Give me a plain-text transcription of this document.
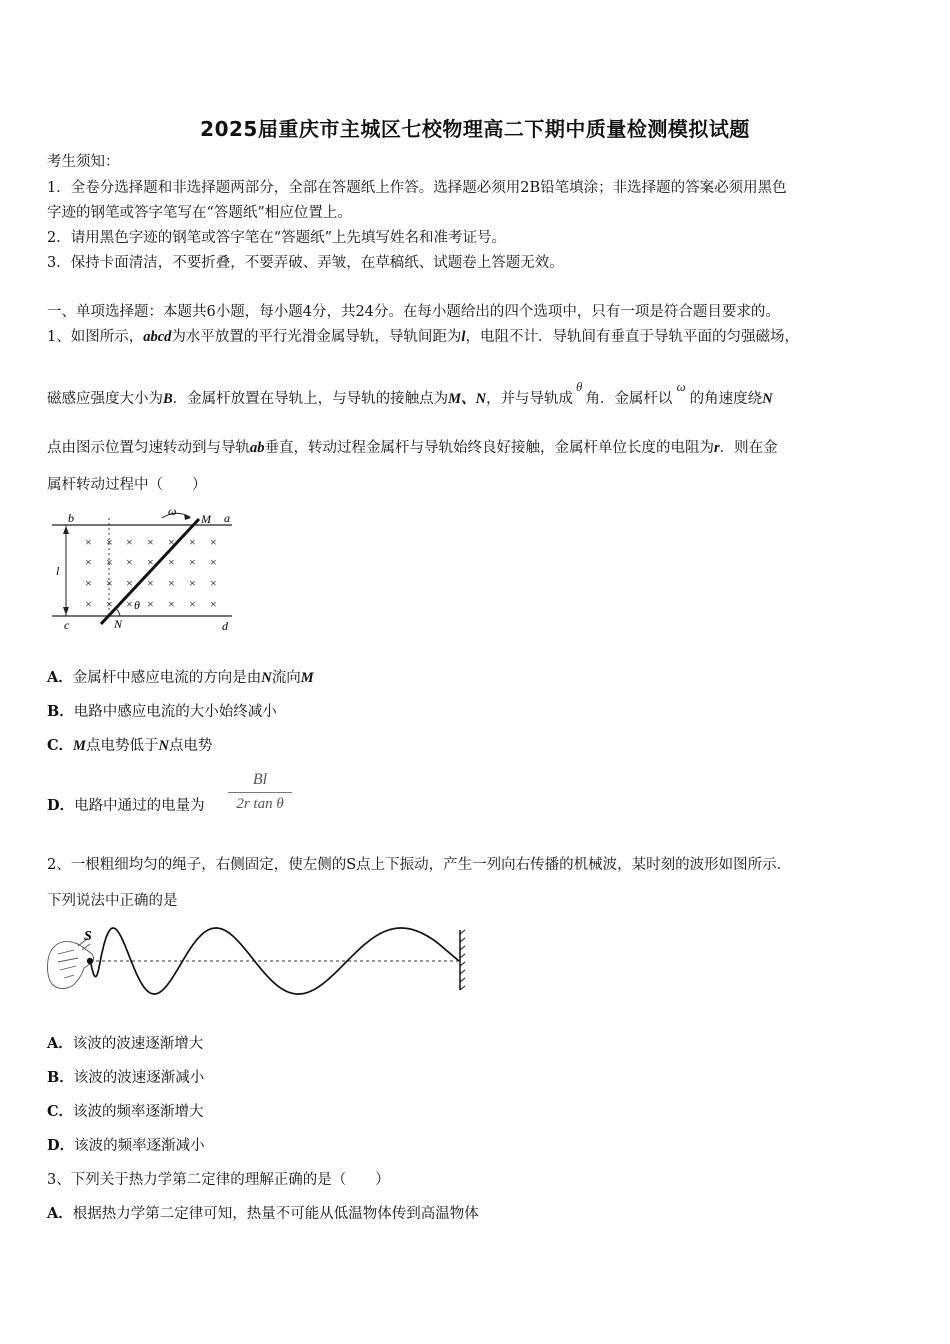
2025届重庆市主城区七校物理高二下期中质量检测模拟试题
考生须知：
1．全卷分选择题和非选择题两部分，全部在答题纸上作答。选择题必须用2B铅笔填涂；非选择题的答案必须用黑色
字迹的钢笔或答字笔写在“答题纸”相应位置上。
2．请用黑色字迹的钢笔或答字笔在“答题纸”上先填写姓名和准考证号。
3．保持卡面清洁，不要折叠，不要弄破、弄皱，在草稿纸、试题卷上答题无效。
一、单项选择题：本题共6小题，每小题4分，共24分。在每小题给出的四个选项中，只有一项是符合题目要求的。
1、如图所示，abcd为水平放置的平行光滑金属导轨，导轨间距为l，电阻不计．导轨间有垂直于导轨平面的匀强磁场，
磁感应强度大小为B．金属杆放置在导轨上，与导轨的接触点为M、N，并与导轨成θ角．金属杆以ω的角速度绕N
点由图示位置匀速转动到与导轨ab垂直，转动过程金属杆与导轨始终良好接触，金属杆单位长度的电阻为r．则在金
属杆转动过程中（　　）
× × × × × × ×
× × × × × × ×
× × × × × × ×
× × × × × × ×
b	a
c	d
M
N
l
ω
θ
A．金属杆中感应电流的方向是由N流向M
B．电路中感应电流的大小始终减小
C．M点电势低于N点电势
D．电路中通过的电量为
Bl
2r tan θ
2、一根粗细均匀的绳子，右侧固定，使左侧的S点上下振动，产生一列向右传播的机械波，某时刻的波形如图所示．
下列说法中正确的是
S
A．该波的波速逐渐增大
B．该波的波速逐渐减小
C．该波的频率逐渐增大
D．该波的频率逐渐减小
3、下列关于热力学第二定律的理解正确的是（　　）
A．根据热力学第二定律可知，热量不可能从低温物体传到高温物体
